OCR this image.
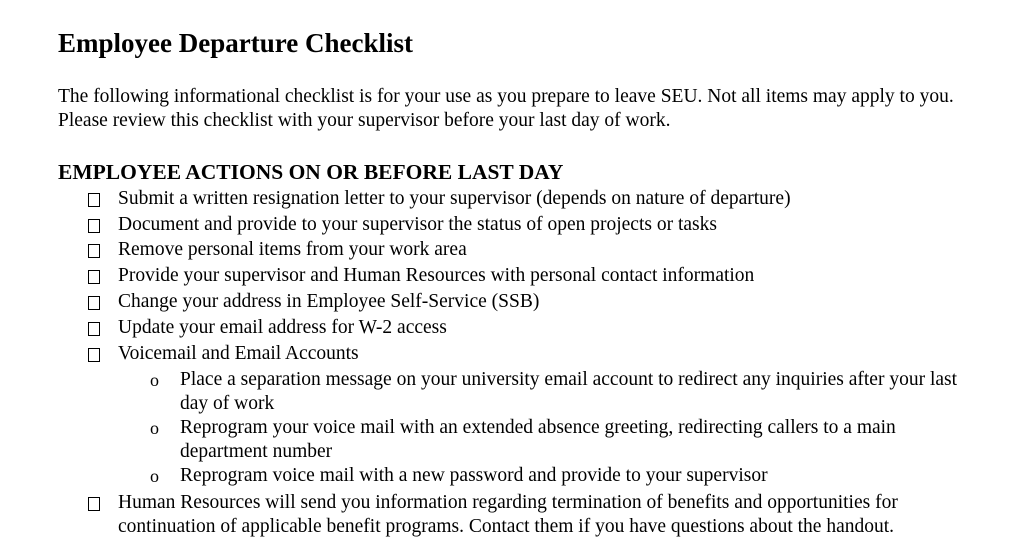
Employee Departure Checklist

The following informational checklist is for your use as you prepare to leave SEU. Not all items may apply to you. Please review this checklist with your supervisor before your last day of work.

EMPLOYEE ACTIONS ON OR BEFORE LAST DAY
Submit a written resignation letter to your supervisor (depends on nature of departure)
Document and provide to your supervisor the status of open projects or tasks
Remove personal items from your work area
Provide your supervisor and Human Resources with personal contact information
Change your address in Employee Self-Service (SSB)
Update your email address for W-2 access
Voicemail and Email Accounts
o Place a separation message on your university email account to redirect any inquiries after your last day of work
o Reprogram your voice mail with an extended absence greeting, redirecting callers to a main department number
o Reprogram voice mail with a new password and provide to your supervisor
Human Resources will send you information regarding termination of benefits and opportunities for continuation of applicable benefit programs. Contact them if you have questions about the handout.
